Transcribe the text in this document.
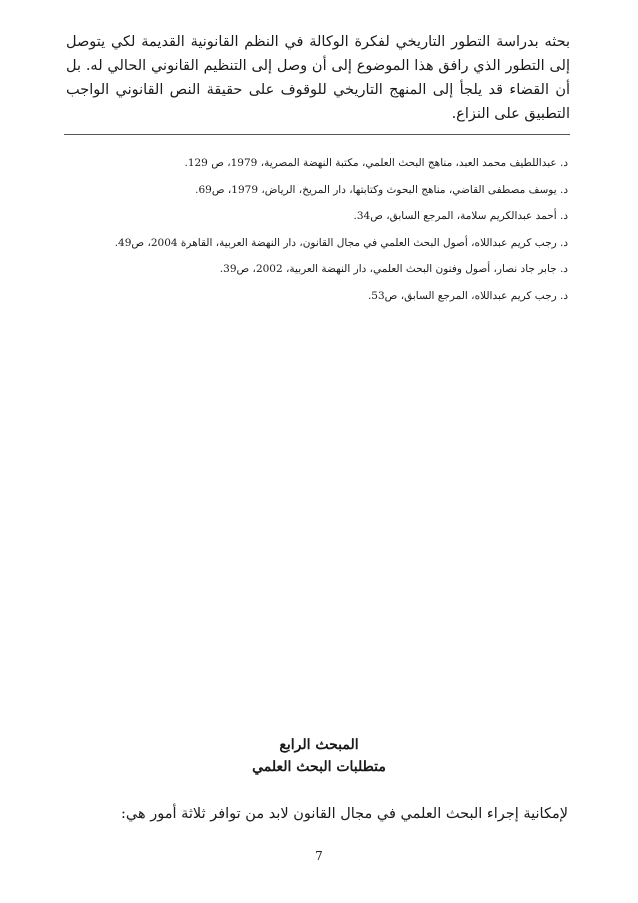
بحثه بدراسة التطور التاريخي لفكرة الوكالة في النظم القانونية القديمة لكي يتوصل إلى التطور الذي رافق هذا الموضوع إلى أن وصل إلى التنظيم القانوني الحالي له. بل أن القضاء قد يلجأ إلى المنهج التاريخي للوقوف على حقيقة النص القانوني الواجب التطبيق على النزاع.

د. عبداللطيف محمد العبد، مناهج البحث العلمي، مكتبة النهضة المصرية، 1979، ص 129.
د. يوسف مصطفى القاضي، مناهج البحوث وكتابتها، دار المريخ، الرياض، 1979، ص69.
د. أحمد عبدالكريم سلامة، المرجع السابق، ص34.
د. رجب كريم عبداللاه، أصول البحث العلمي في مجال القانون، دار النهضة العربية، القاهرة 2004، ص49.
د. جابر جاد نصار، أصول وفنون البحث العلمي، دار النهضة العربية، 2002، ص39.
د. رجب كريم عبداللاه، المرجع السابق، ص53.
المبحث الرابع
متطلبات البحث العلمي
لإمكانية إجراء البحث العلمي في مجال القانون لابد من توافر ثلاثة أمور هي:
7
